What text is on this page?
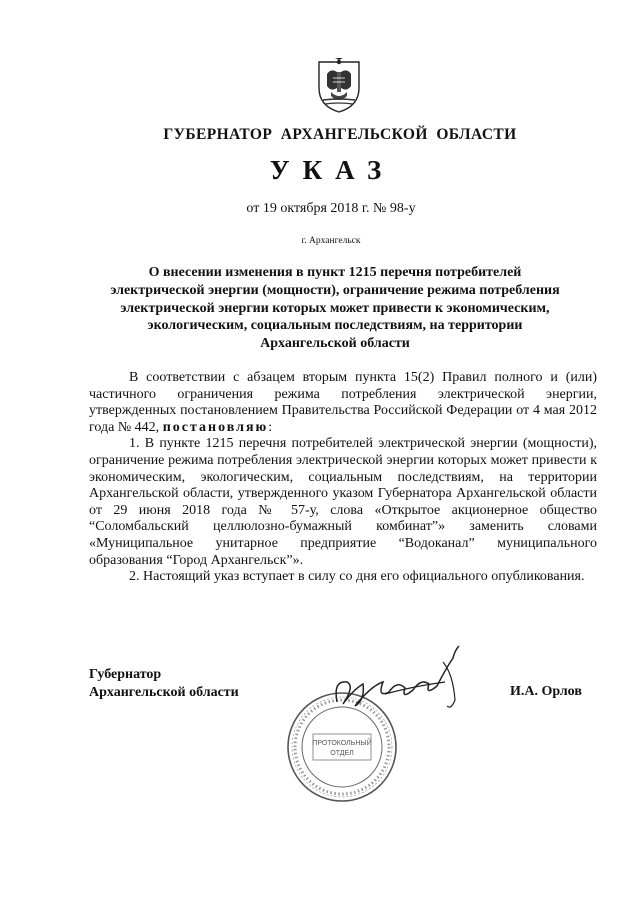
ГУБЕРНАТОР  АРХАНГЕЛЬСКОЙ  ОБЛАСТИ
УКАЗ
от 19 октября 2018 г. № 98-у
г. Архангельск
О внесении изменения в пункт 1215 перечня потребителей
электрической энергии (мощности), ограничение режима потребления
электрической энергии которых может привести к экономическим,
экологическим, социальным последствиям, на территории
Архангельской области

В соответствии с абзацем вторым пункта 15(2) Правил полного и (или) частичного ограничения режима потребления электрической энергии, утвержденных постановлением Правительства Российской Федерации от 4 мая 2012 года № 442, постановляю:

1. В пункте 1215 перечня потребителей электрической энергии (мощности), ограничение режима потребления электрической энергии которых может привести к экономическим, экологическим, социальным последствиям, на территории Архангельской области, утвержденного указом Губернатора Архангельской области от 29 июня 2018 года № 57-у, слова «Открытое акционерное общество “Соломбальский целлюлозно-бумажный комбинат”» заменить словами «Муниципальное унитарное предприятие “Водоканал” муниципального образования “Город Архангельск”».

2. Настоящий указ вступает в силу со дня его официального опубликования.

Губернатор
Архангельской области	И.А. Орлов
ПРОТОКОЛЬНЫЙ
ОТДЕЛ
